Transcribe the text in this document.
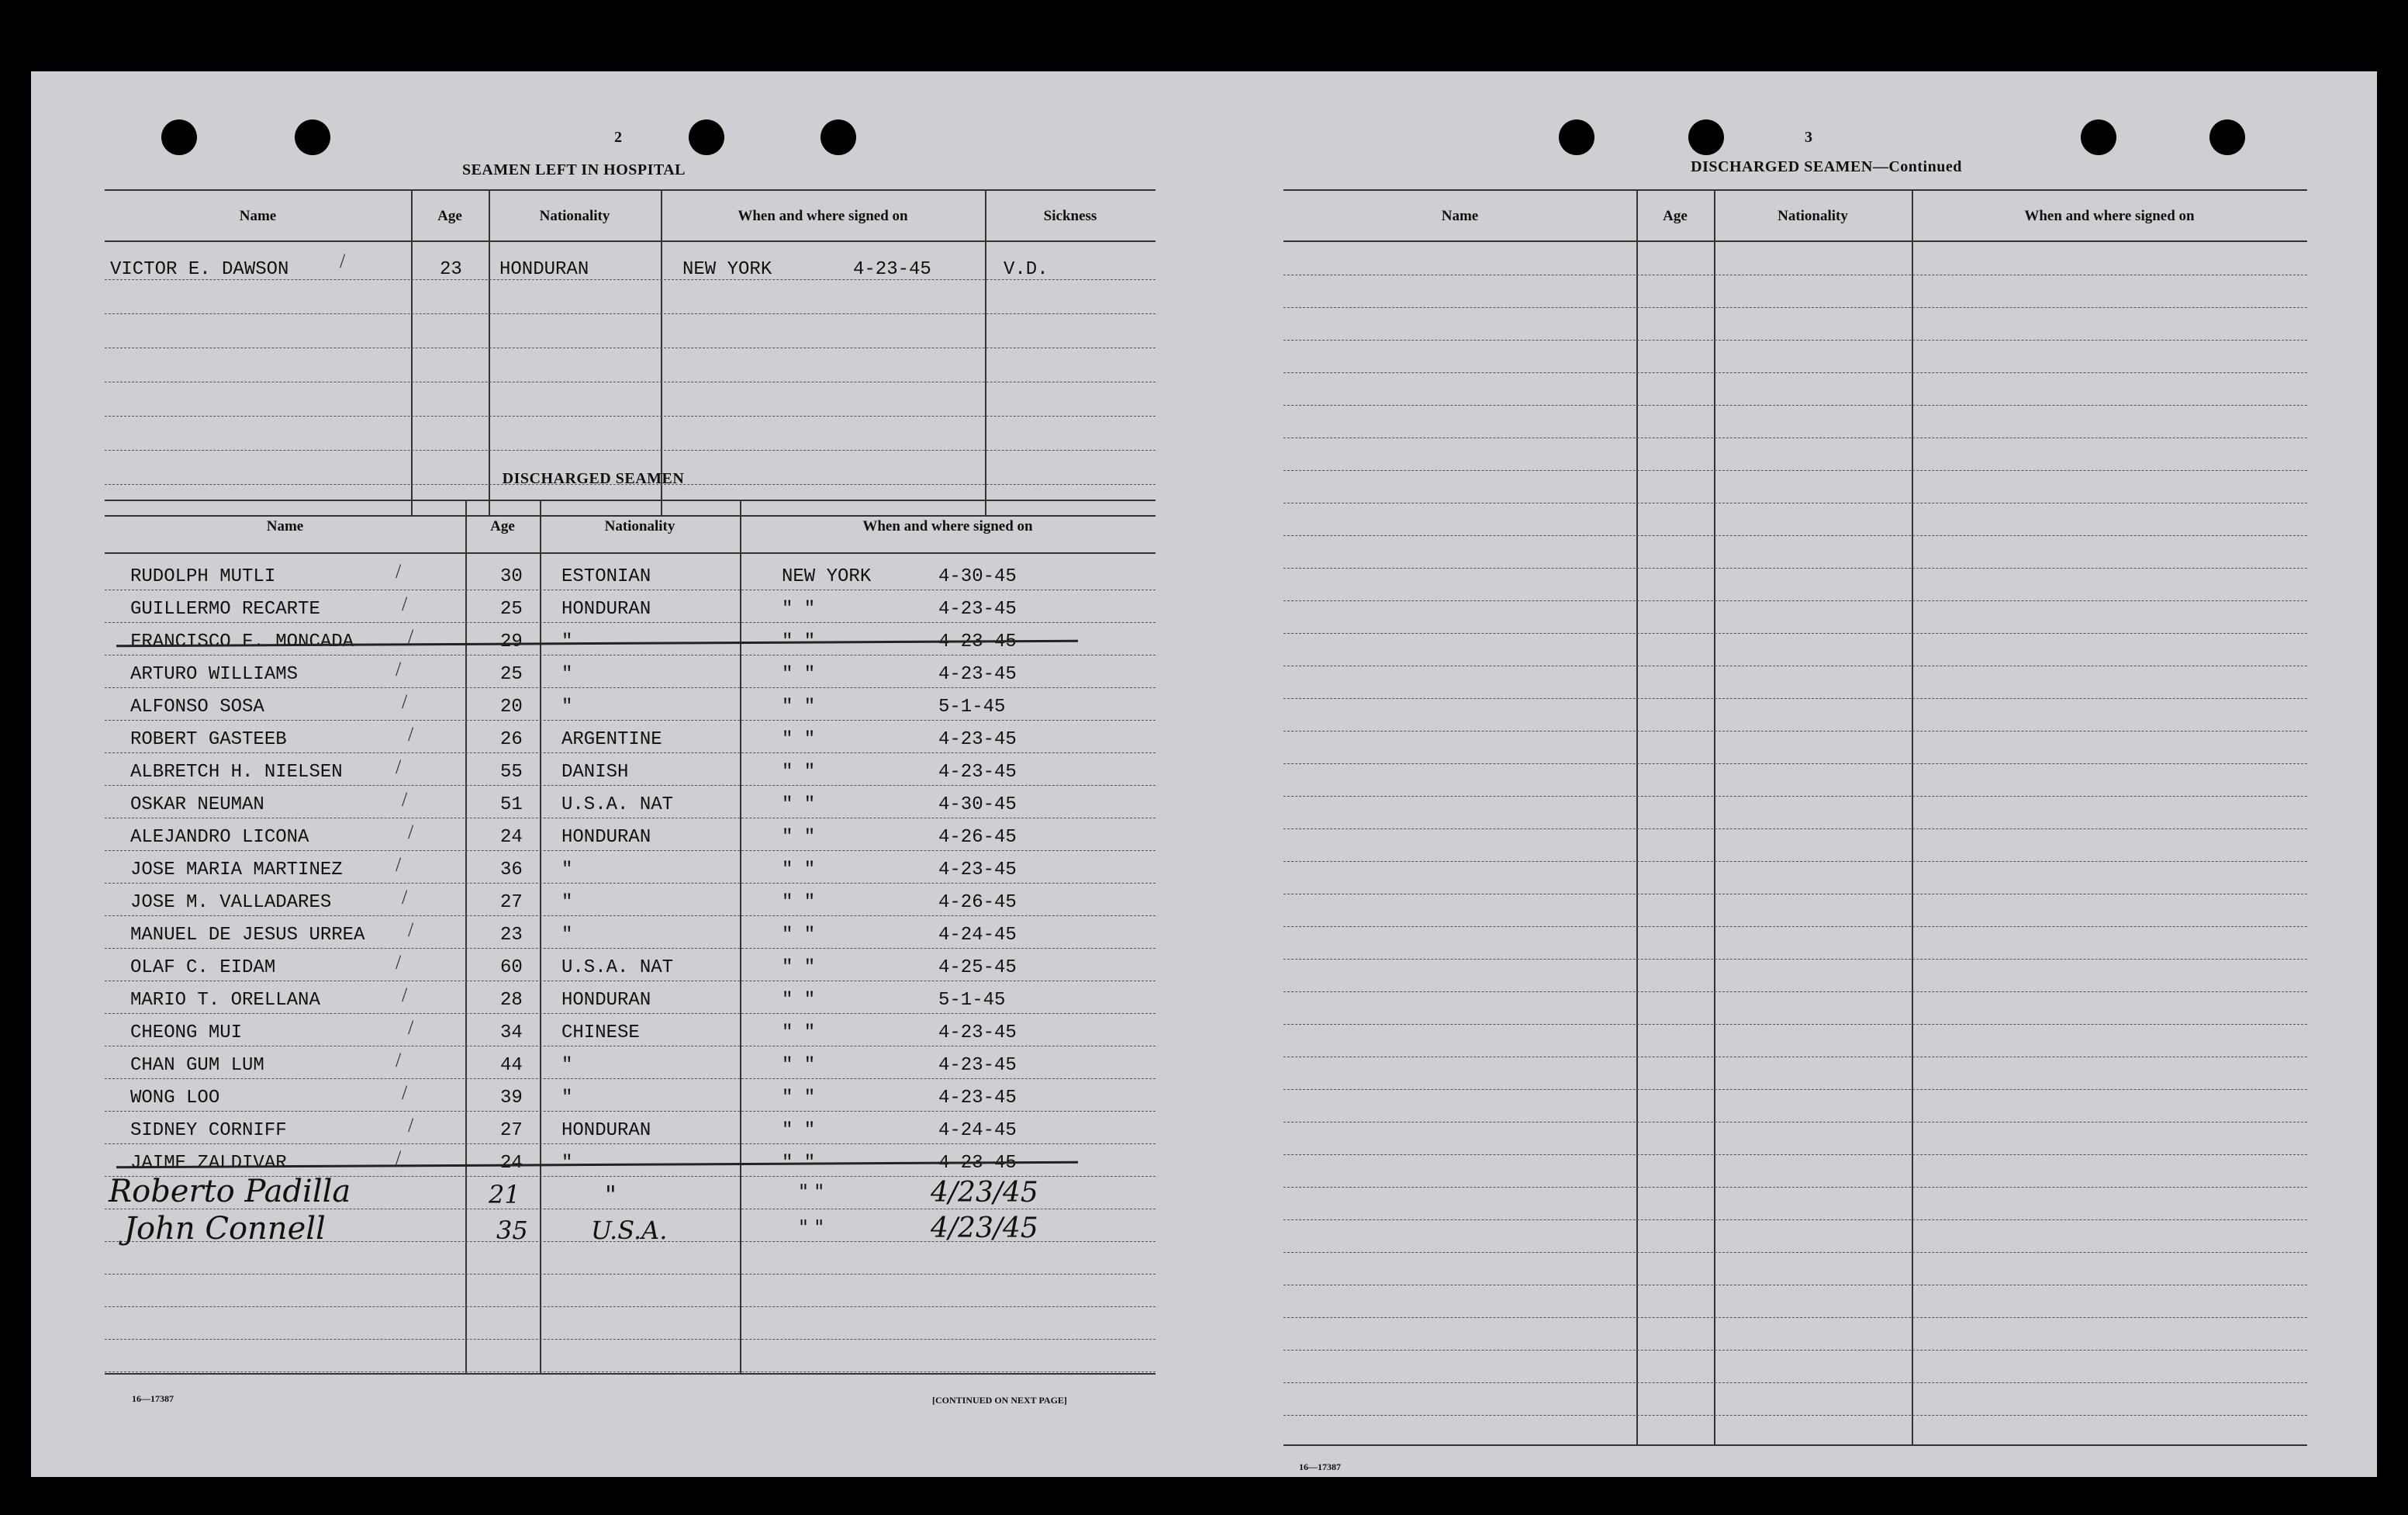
2
SEAMEN LEFT IN HOSPITAL
Name	Age	Nationality	When and where signed on	Sickness
VICTOR E. DAWSON	/	23 HONDURAN	NEW YORK	4-23-45	V.D.
DISCHARGED SEAMEN
Name	Age	Nationality	When and where signed on
RUDOLPH MUTLI	30 ESTONIAN	NEW YORK	4-30-45
/
GUILLERMO RECARTE	25 HONDURAN	" "	4-23-45
/
FRANCISCO F. MONCADA	29 "	" "	4-23-45
/
ARTURO WILLIAMS	25 "	" "	4-23-45
/
ALFONSO SOSA	20 "	" "	5-1-45
/
ROBERT GASTEEB	26 ARGENTINE	" "	4-23-45
/
ALBRETCH H. NIELSEN	55 DANISH	" "	4-23-45
/
OSKAR NEUMAN	51 U.S.A. NAT	" "	4-30-45
/
ALEJANDRO LICONA	24 HONDURAN	" "	4-26-45
/
JOSE MARIA MARTINEZ	36 "	" "	4-23-45
/
JOSE M. VALLADARES	27 "	" "	4-26-45
/
MANUEL DE JESUS URREA	23 "	" "	4-24-45
/
OLAF C. EIDAM	60 U.S.A. NAT	" "	4-25-45
/
MARIO T. ORELLANA	28 HONDURAN	" "	5-1-45
/
CHEONG MUI	34 CHINESE	" "	4-23-45
/
CHAN GUM LUM	44 "	" "	4-23-45
/
WONG LOO	39 "	" "	4-23-45
/
SIDNEY CORNIFF	27 HONDURAN	" "	4-24-45
/
JAIME ZALDIVAR	24 "	" "	4-23-45
/
Roberto Padilla	21	"	" "	4/23/45
John Connell	35	U.S.A.	" "	4/23/45
16—17387	[CONTINUED ON NEXT PAGE]
3
DISCHARGED SEAMEN—Continued
Name	Age	Nationality	When and where signed on
16—17387
